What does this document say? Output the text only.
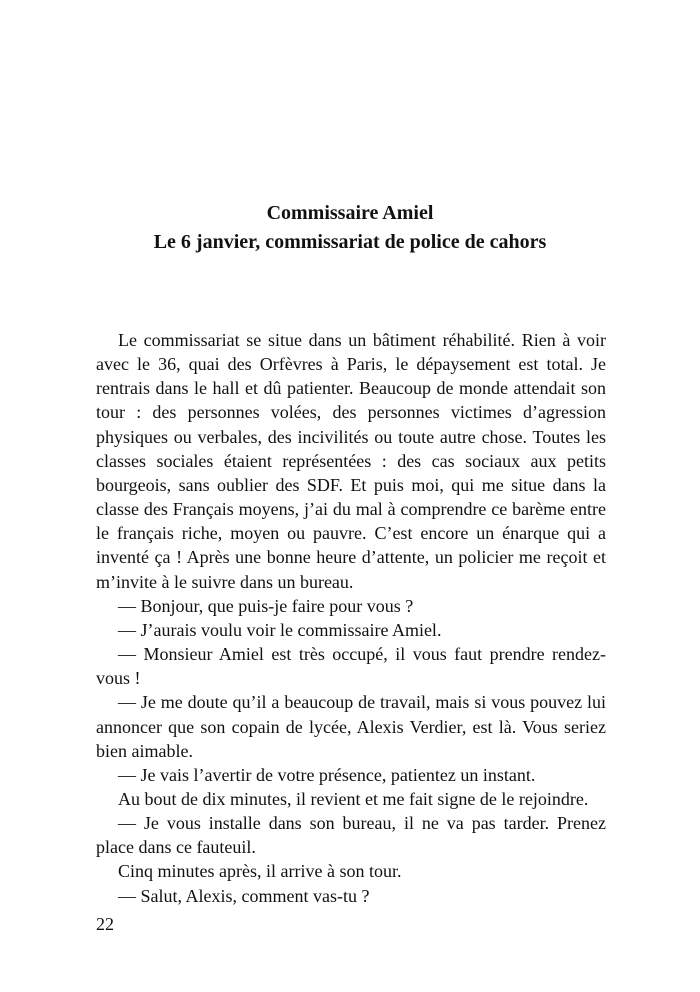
Commissaire Amiel
Le 6 janvier, commissariat de police de cahors

Le commissariat se situe dans un bâtiment réhabilité. Rien à voir avec le 36, quai des Orfèvres à Paris, le dépaysement est total. Je rentrais dans le hall et dû patienter. Beaucoup de monde attendait son tour : des personnes volées, des personnes victimes d’agression physiques ou verbales, des incivilités ou toute autre chose. Toutes les classes sociales étaient représentées : des cas sociaux aux petits bourgeois, sans oublier des SDF. Et puis moi, qui me situe dans la classe des Français moyens, j’ai du mal à comprendre ce barème entre le français riche, moyen ou pauvre. C’est encore un énarque qui a inventé ça ! Après une bonne heure d’attente, un policier me reçoit et m’invite à le suivre dans un bureau.

— Bonjour, que puis-je faire pour vous ?

— J’aurais voulu voir le commissaire Amiel.

— Monsieur Amiel est très occupé, il vous faut prendre rendez-vous !

— Je me doute qu’il a beaucoup de travail, mais si vous pouvez lui annoncer que son copain de lycée, Alexis Verdier, est là. Vous seriez bien aimable.

— Je vais l’avertir de votre présence, patientez un instant.

Au bout de dix minutes, il revient et me fait signe de le rejoindre.

— Je vous installe dans son bureau, il ne va pas tarder. Prenez place dans ce fauteuil.

Cinq minutes après, il arrive à son tour.

— Salut, Alexis, comment vas-tu ?

22
